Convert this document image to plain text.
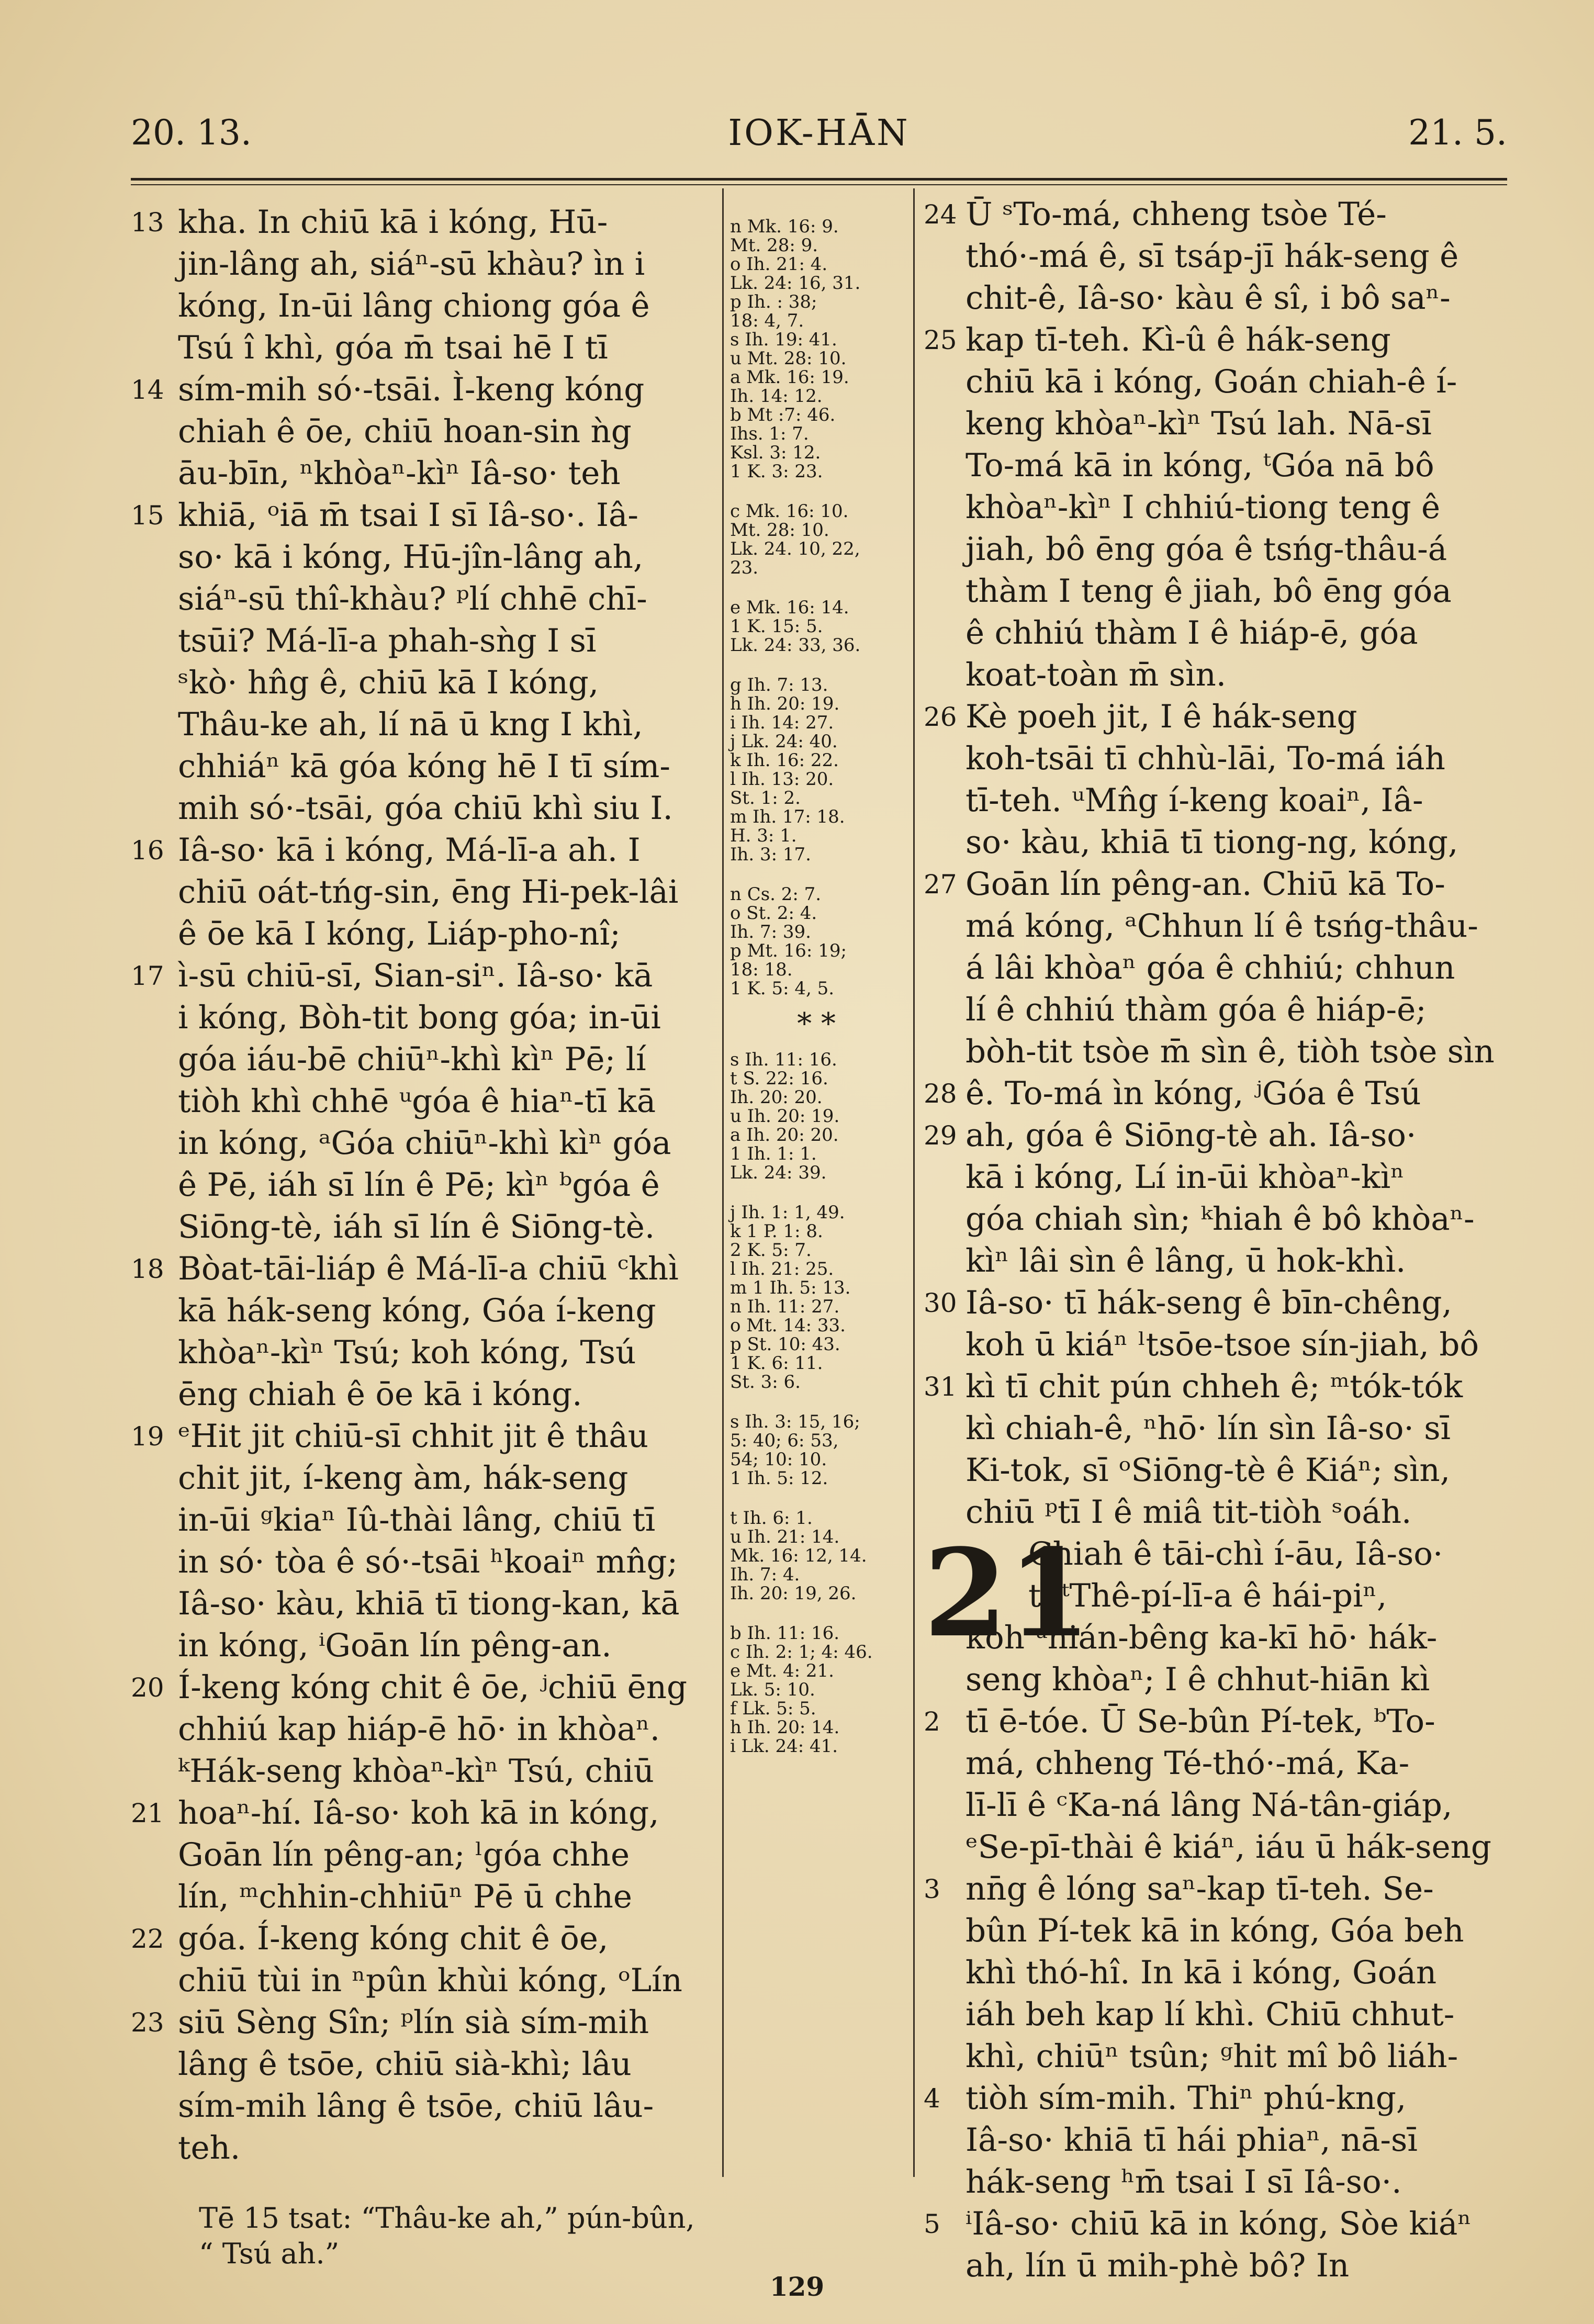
20. 13.	IOK-HĀN	21. 5.
13 kha. In chiū kā i kóng, Hū-
jin-lâng ah, siáⁿ-sū khàu? ìn i
kóng, In-ūi lâng chiong góa ê
Tsú î khì, góa m̄ tsai hē I tī
14 sím-mih só·-tsāi. Ì-keng kóng
chiah ê ōe, chiū hoan-sin ǹg
āu-bīn, ⁿkhòaⁿ-kìⁿ Iâ-so· teh
15 khiā, ᵒiā m̄ tsai I sī Iâ-so·. Iâ-
so· kā i kóng, Hū-jîn-lâng ah,
siáⁿ-sū thî-khàu? ᵖlí chhē chī-
tsūi? Má-lī-a phah-sǹg I sī
ˢkò· hn̂g ê, chiū kā I kóng,
Thâu-ke ah, lí nā ū kng I khì,
chhiáⁿ kā góa kóng hē I tī sím-
mih só·-tsāi, góa chiū khì siu I.
16 Iâ-so· kā i kóng, Má-lī-a ah. I
chiū oát-tńg-sin, ēng Hi-pek-lâi
ê ōe kā I kóng, Liáp-pho-nî;
17 ì-sū chiū-sī, Sian-siⁿ. Iâ-so· kā
i kóng, Bòh-tit bong góa; in-ūi
góa iáu-bē chiūⁿ-khì kìⁿ Pē; lí
tiòh khì chhē ᵘgóa ê hiaⁿ-tī kā
in kóng, ᵃGóa chiūⁿ-khì kìⁿ góa
ê Pē, iáh sī lín ê Pē; kìⁿ ᵇgóa ê
Siōng-tè, iáh sī lín ê Siōng-tè.
18 Bòat-tāi-liáp ê Má-lī-a chiū ᶜkhì
kā hák-seng kóng, Góa í-keng
khòaⁿ-kìⁿ Tsú; koh kóng, Tsú
ēng chiah ê ōe kā i kóng.
19 ᵉHit jit chiū-sī chhit jit ê thâu
chit jit, í-keng àm, hák-seng
in-ūi ᵍkiaⁿ Iû-thài lâng, chiū tī
in só· tòa ê só·-tsāi ʰkoaiⁿ mn̂g;
Iâ-so· kàu, khiā tī tiong-kan, kā
in kóng, ⁱGoān lín pêng-an.
20 Í-keng kóng chit ê ōe, ʲchiū ēng
chhiú kap hiáp-ē hō· in khòaⁿ.
ᵏHák-seng khòaⁿ-kìⁿ Tsú, chiū
21 hoaⁿ-hí. Iâ-so· koh kā in kóng,
Goān lín pêng-an; ˡgóa chhe
lín, ᵐchhin-chhiūⁿ Pē ū chhe
22 góa. Í-keng kóng chit ê ōe,
chiū tùi in ⁿpûn khùi kóng, ᵒLín
23 siū Sèng Sîn; ᵖlín sià sím-mih
lâng ê tsōe, chiū sià-khì; lâu
sím-mih lâng ê tsōe, chiū lâu-
teh.
n Mk. 16: 9.
Mt. 28: 9.
o Ih. 21: 4.
Lk. 24: 16, 31.
p Ih. : 38;
18: 4, 7.
s Ih. 19: 41.
u Mt. 28: 10.
a Mk. 16: 19.
Ih. 14: 12.
b Mt :7: 46.
Ihs. 1: 7.
Ksl. 3: 12.
1 K. 3: 23.
c Mk. 16: 10.
Mt. 28: 10.
Lk. 24. 10, 22,
23.
e Mk. 16: 14.
1 K. 15: 5.
Lk. 24: 33, 36.
g Ih. 7: 13.
h Ih. 20: 19.
i Ih. 14: 27.
j Lk. 24: 40.
k Ih. 16: 22.
l Ih. 13: 20.
St. 1: 2.
m Ih. 17: 18.
H. 3: 1.
Ih. 3: 17.
n Cs. 2: 7.
o St. 2: 4.
Ih. 7: 39.
p Mt. 16: 19;
18: 18.
1 K. 5: 4, 5.
* *
s Ih. 11: 16.
t S. 22: 16.
Ih. 20: 20.
u Ih. 20: 19.
a Ih. 20: 20.
1 Ih. 1: 1.
Lk. 24: 39.
j Ih. 1: 1, 49.
k 1 P. 1: 8.
2 K. 5: 7.
l Ih. 21: 25.
m 1 Ih. 5: 13.
n Ih. 11: 27.
o Mt. 14: 33.
p St. 10: 43.
1 K. 6: 11.
St. 3: 6.
s Ih. 3: 15, 16;
5: 40; 6: 53,
54; 10: 10.
1 Ih. 5: 12.
t Ih. 6: 1.
u Ih. 21: 14.
Mk. 16: 12, 14.
Ih. 7: 4.
Ih. 20: 19, 26.
b Ih. 11: 16.
c Ih. 2: 1; 4: 46.
e Mt. 4: 21.
Lk. 5: 10.
f Lk. 5: 5.
h Ih. 20: 14.
i Lk. 24: 41.
24 Ū ˢTo-má, chheng tsòe Té-
thó·-má ê, sī tsáp-jī hák-seng ê
chit-ê, Iâ-so· kàu ê sî, i bô saⁿ-
25 kap tī-teh. Kì-û ê hák-seng
chiū kā i kóng, Goán chiah-ê í-
keng khòaⁿ-kìⁿ Tsú lah. Nā-sī
To-má kā in kóng, ᵗGóa nā bô
khòaⁿ-kìⁿ I chhiú-tiong teng ê
jiah, bô ēng góa ê tsńg-thâu-á
thàm I teng ê jiah, bô ēng góa
ê chhiú thàm I ê hiáp-ē, góa
koat-toàn m̄ sìn.
26 Kè poeh jit, I ê hák-seng
koh-tsāi tī chhù-lāi, To-má iáh
tī-teh. ᵘMn̂g í-keng koaiⁿ, Iâ-
so· kàu, khiā tī tiong-ng, kóng,
27 Goān lín pêng-an. Chiū kā To-
má kóng, ᵃChhun lí ê tsńg-thâu-
á lâi khòaⁿ góa ê chhiú; chhun
lí ê chhiú thàm góa ê hiáp-ē;
bòh-tit tsòe m̄ sìn ê, tiòh tsòe sìn
28 ê. To-má ìn kóng, ʲGóa ê Tsú
29 ah, góa ê Siōng-tè ah. Iâ-so·
kā i kóng, Lí in-ūi khòaⁿ-kìⁿ
góa chiah sìn; ᵏhiah ê bô khòaⁿ-
kìⁿ lâi sìn ê lâng, ū hok-khì.
30 Iâ-so· tī hák-seng ê bīn-chêng,
koh ū kiáⁿ ˡtsōe-tsoe sín-jiah, bô
31 kì tī chit pún chheh ê; ᵐtók-tók
kì chiah-ê, ⁿhō· lín sìn Iâ-so· sī
Ki-tok, sī ᵒSiōng-tè ê Kiáⁿ; sìn,
chiū ᵖtī I ê miâ tit-tiòh ˢoáh.
21
Chiah ê tāi-chì í-āu, Iâ-so·
tī ᵗThê-pí-lī-a ê hái-piⁿ,
koh ᵘhián-bêng ka-kī hō· hák-
seng khòaⁿ; I ê chhut-hiān kì
2 tī ē-tóe. Ū Se-bûn Pí-tek, ᵇTo-
má, chheng Té-thó·-má, Ka-
lī-lī ê ᶜKa-ná lâng Ná-tân-giáp,
ᵉSe-pī-thài ê kiáⁿ, iáu ū hák-seng
3 nn̄g ê lóng saⁿ-kap tī-teh. Se-
bûn Pí-tek kā in kóng, Góa beh
khì thó-hî. In kā i kóng, Goán
iáh beh kap lí khì. Chiū chhut-
khì, chiūⁿ tsûn; ᵍhit mî bô liáh-
4 tiòh sím-mih. Thiⁿ phú-kng,
Iâ-so· khiā tī hái phiaⁿ, nā-sī
hák-seng ʰm̄ tsai I sī Iâ-so·.
5 ⁱIâ-so· chiū kā in kóng, Sòe kiáⁿ
ah, lín ū mih-phè bô? In
Tē 15 tsat: “Thâu-ke ah,” pún-bûn,
“ Tsú ah.”
129
